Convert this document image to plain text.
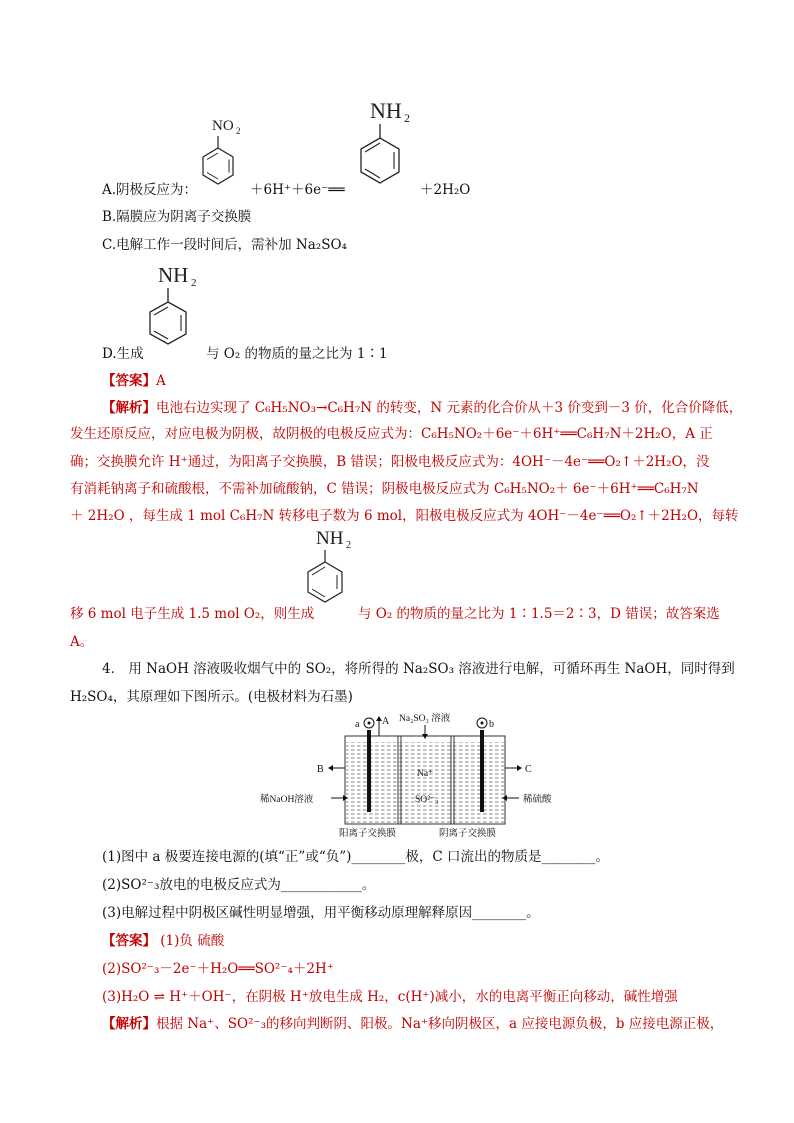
A.阴极反应为：
NO 2
＋6H⁺＋6e⁻══
NH 2
＋2H₂O
B.隔膜应为阴离子交换膜
C.电解工作一段时间后，需补加 Na₂SO₄
D.生成
NH 2
与 O₂ 的物质的量之比为 1∶1
【答案】A
【解析】电池右边实现了 C₆H₅NO₃→C₆H₇N 的转变，N 元素的化合价从＋3 价变到－3 价，化合价降低，
发生还原反应，对应电极为阴极，故阴极的电极反应式为：C₆H₅NO₂＋6e⁻＋6H⁺══C₆H₇N＋2H₂O，A 正
确；交换膜允许 H⁺通过，为阳离子交换膜，B 错误；阳极电极反应式为：4OH⁻－4e⁻══O₂↑＋2H₂O，没
有消耗钠离子和硫酸根，不需补加硫酸钠，C 错误；阴极电极反应式为 C₆H₅NO₂＋ 6e⁻＋6H⁺══C₆H₇N
＋ 2H₂O ，每生成 1 mol C₆H₇N 转移电子数为 6 mol，阳极电极反应式为 4OH⁻－4e⁻══O₂↑＋2H₂O，每转
移 6 mol 电子生成 1.5 mol O₂，则生成
NH 2
与 O₂ 的物质的量之比为 1∶1.5＝2∶3，D 错误；故答案选
A。
4． 用 NaOH 溶液吸收烟气中的 SO₂，将所得的 Na₂SO₃ 溶液进行电解，可循环再生 NaOH，同时得到
H₂SO₄，其原理如下图所示。(电极材料为石墨)
a	b
A Na₂SO₃ 溶液
B	C
稀NaOH溶液	稀硫酸
Na⁺
SO²⁻₃
阳离子交换膜	阴离子交换膜
(1)图中 a 极要连接电源的(填“正”或“负”)________极，C 口流出的物质是________。
(2)SO²⁻₃放电的电极反应式为____________。
(3)电解过程中阴极区碱性明显增强，用平衡移动原理解释原因________。
【答案】 (1)负 硫酸
(2)SO²⁻₃－2e⁻＋H₂O══SO²⁻₄＋2H⁺
(3)H₂O ⇌ H⁺＋OH⁻，在阴极 H⁺放电生成 H₂，c(H⁺)减小，水的电离平衡正向移动，碱性增强
【解析】根据 Na⁺、SO²⁻₃的移向判断阴、阳极。Na⁺移向阴极区，a 应接电源负极，b 应接电源正极，
